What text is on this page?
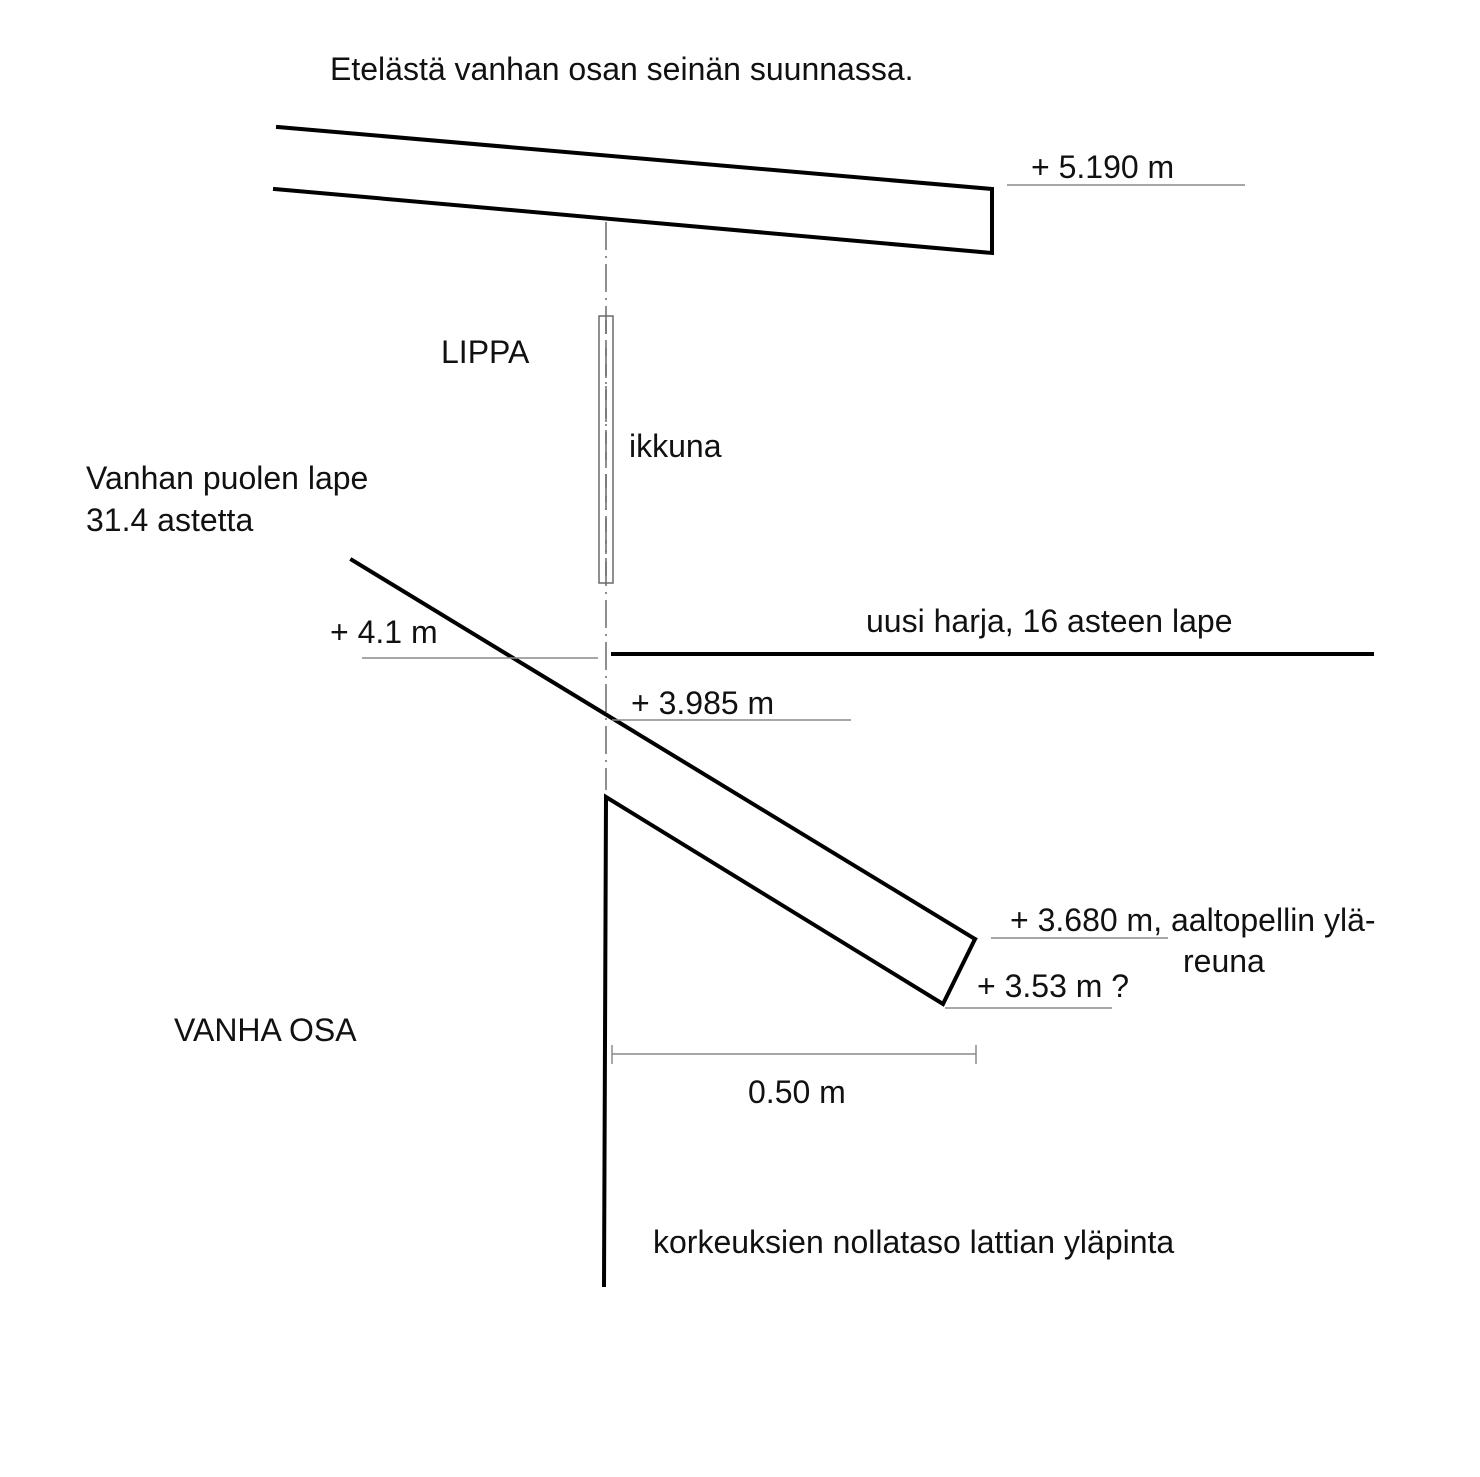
Etelästä vanhan osan seinän suunnassa.
+ 5.190 m
LIPPA
ikkuna
Vanhan puolen lape
31.4 astetta
+ 4.1 m	uusi harja, 16 asteen lape
+ 3.985 m
+ 3.680 m, aaltopellin ylä-
reuna
+ 3.53 m ?
VANHA OSA
0.50 m
korkeuksien nollataso lattian yläpinta
